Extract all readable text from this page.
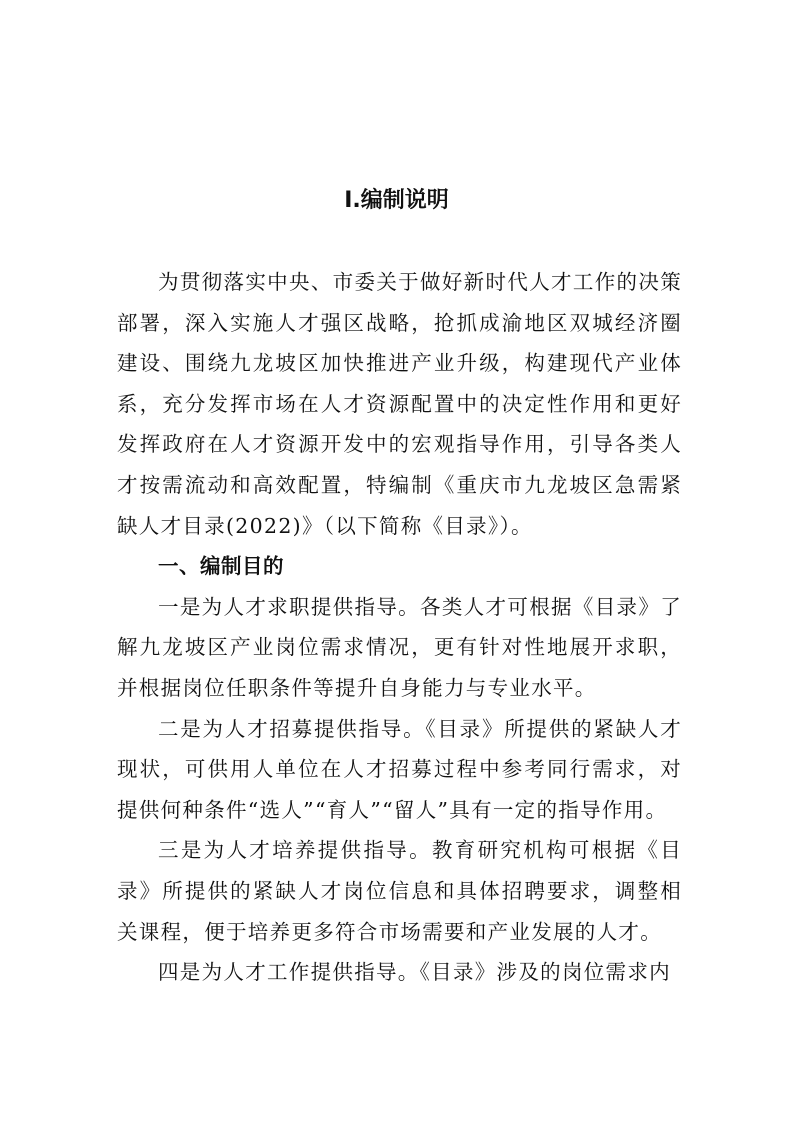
I.编制说明

为贯彻落实中央、市委关于做好新时代人才工作的决策部署，深入实施人才强区战略，抢抓成渝地区双城经济圈建设、围绕九龙坡区加快推进产业升级，构建现代产业体系，充分发挥市场在人才资源配置中的决定性作用和更好发挥政府在人才资源开发中的宏观指导作用，引导各类人才按需流动和高效配置，特编制《重庆市九龙坡区急需紧缺人才目录(2022)》（以下简称《目录》）。

一、编制目的

一是为人才求职提供指导。各类人才可根据《目录》了解九龙坡区产业岗位需求情况，更有针对性地展开求职，并根据岗位任职条件等提升自身能力与专业水平。

二是为人才招募提供指导。《目录》所提供的紧缺人才现状，可供用人单位在人才招募过程中参考同行需求，对提供何种条件“选人”“育人”“留人”具有一定的指导作用。

三是为人才培养提供指导。教育研究机构可根据《目录》所提供的紧缺人才岗位信息和具体招聘要求，调整相关课程，便于培养更多符合市场需要和产业发展的人才。

四是为人才工作提供指导。《目录》涉及的岗位需求内
